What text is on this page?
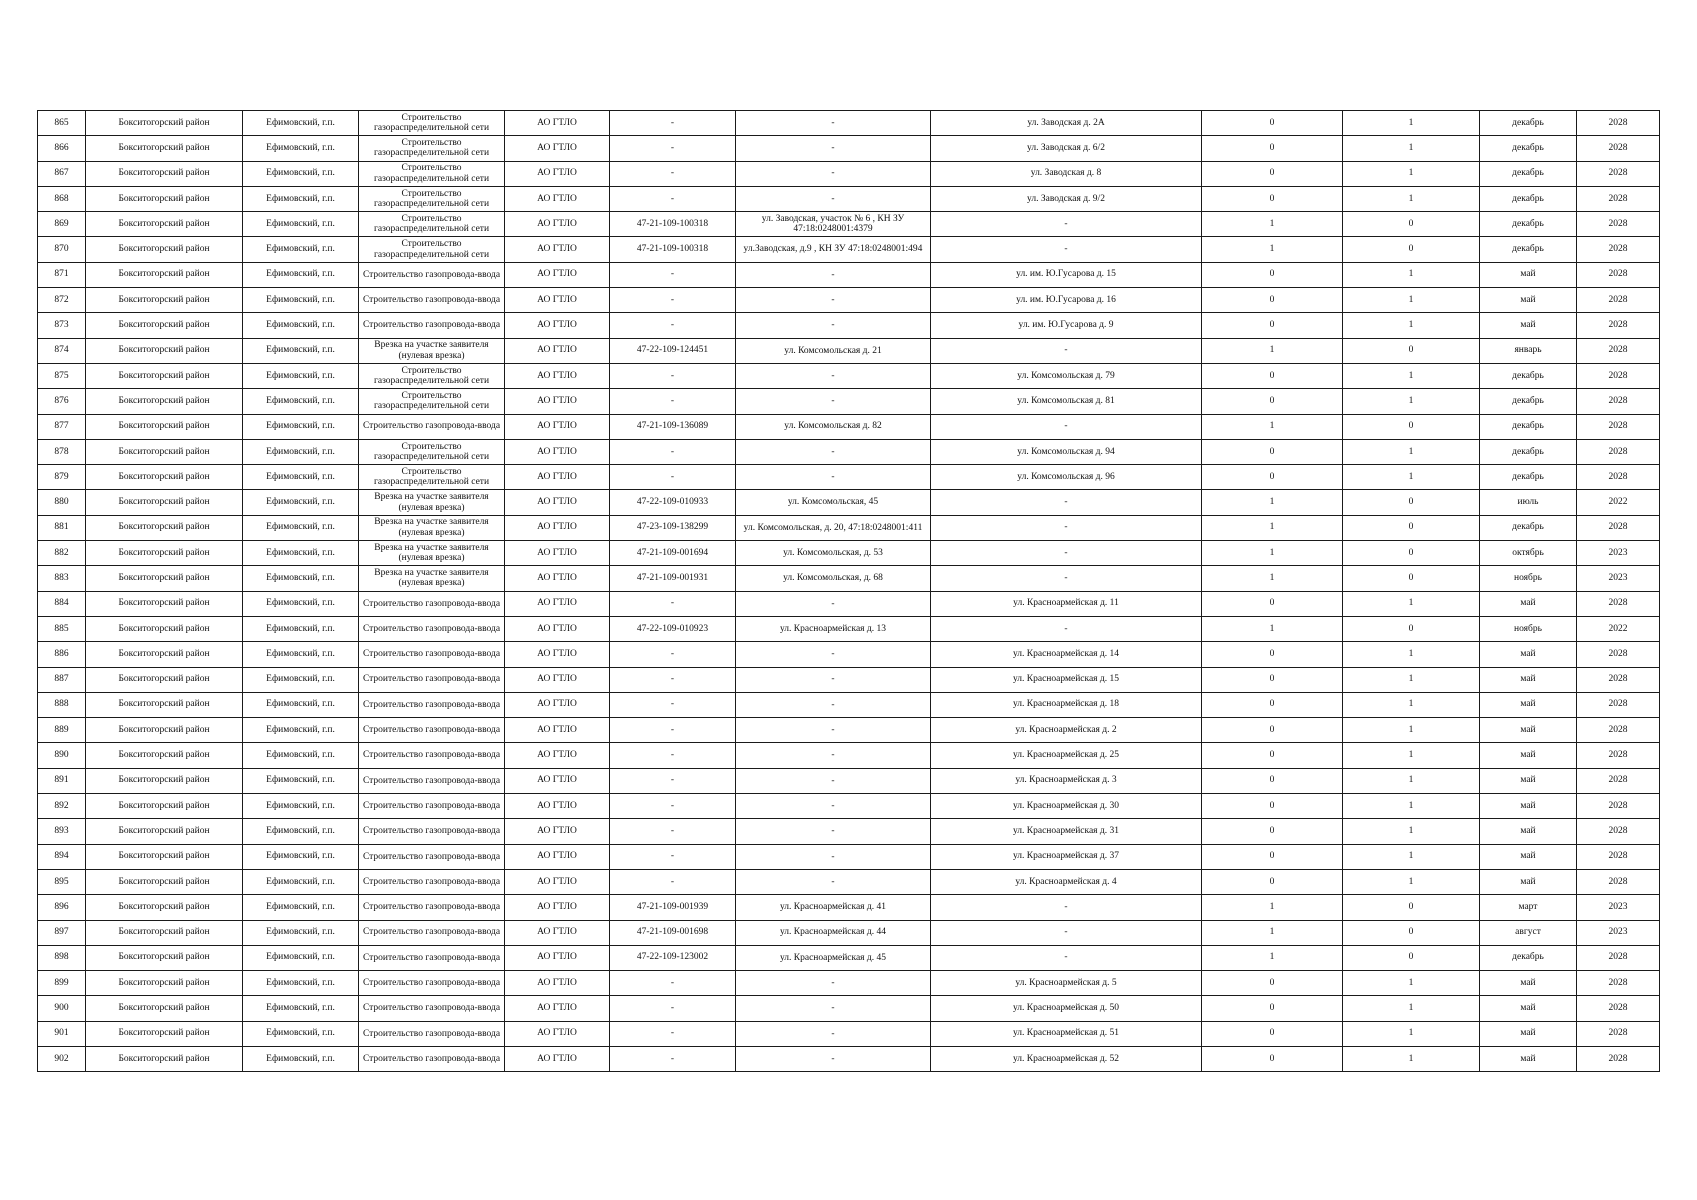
865	Бокситогорский район	Ефимовский, г.п.	Строительство газораспределительной сети	АО ГТЛО	-	-	ул. Заводская д. 2А	0	1	декабрь	2028
866	Бокситогорский район	Ефимовский, г.п.	Строительство газораспределительной сети	АО ГТЛО	-	-	ул. Заводская д. 6/2	0	1	декабрь	2028
867	Бокситогорский район	Ефимовский, г.п.	Строительство газораспределительной сети	АО ГТЛО	-	-	ул. Заводская д. 8	0	1	декабрь	2028
868	Бокситогорский район	Ефимовский, г.п.	Строительство газораспределительной сети	АО ГТЛО	-	-	ул. Заводская д. 9/2	0	1	декабрь	2028
869	Бокситогорский район	Ефимовский, г.п.	Строительство газораспределительной сети	АО ГТЛО	47-21-109-100318	ул. Заводская, участок № 6 , КН ЗУ 47:18:0248001:4379	-	1	0	декабрь	2028
870	Бокситогорский район	Ефимовский, г.п.	Строительство газораспределительной сети	АО ГТЛО	47-21-109-100318	ул.Заводская, д.9 , КН ЗУ 47:18:0248001:494	-	1	0	декабрь	2028
871	Бокситогорский район	Ефимовский, г.п.	Строительство газопровода-ввода	АО ГТЛО	-	-	ул. им. Ю.Гусарова д. 15	0	1	май	2028
872	Бокситогорский район	Ефимовский, г.п.	Строительство газопровода-ввода	АО ГТЛО	-	-	ул. им. Ю.Гусарова д. 16	0	1	май	2028
873	Бокситогорский район	Ефимовский, г.п.	Строительство газопровода-ввода	АО ГТЛО	-	-	ул. им. Ю.Гусарова д. 9	0	1	май	2028
874	Бокситогорский район	Ефимовский, г.п.	Врезка на участке заявителя (нулевая врезка)	АО ГТЛО	47-22-109-124451	ул. Комсомольская д. 21	-	1	0	январь	2028
875	Бокситогорский район	Ефимовский, г.п.	Строительство газораспределительной сети	АО ГТЛО	-	-	ул. Комсомольская д. 79	0	1	декабрь	2028
876	Бокситогорский район	Ефимовский, г.п.	Строительство газораспределительной сети	АО ГТЛО	-	-	ул. Комсомольская д. 81	0	1	декабрь	2028
877	Бокситогорский район	Ефимовский, г.п.	Строительство газопровода-ввода	АО ГТЛО	47-21-109-136089	ул. Комсомольская д. 82	-	1	0	декабрь	2028
878	Бокситогорский район	Ефимовский, г.п.	Строительство газораспределительной сети	АО ГТЛО	-	-	ул. Комсомольская д. 94	0	1	декабрь	2028
879	Бокситогорский район	Ефимовский, г.п.	Строительство газораспределительной сети	АО ГТЛО	-	-	ул. Комсомольская д. 96	0	1	декабрь	2028
880	Бокситогорский район	Ефимовский, г.п.	Врезка на участке заявителя (нулевая врезка)	АО ГТЛО	47-22-109-010933	ул. Комсомольская, 45	-	1	0	июль	2022
881	Бокситогорский район	Ефимовский, г.п.	Врезка на участке заявителя (нулевая врезка)	АО ГТЛО	47-23-109-138299	ул. Комсомольская, д. 20, 47:18:0248001:411	-	1	0	декабрь	2028
882	Бокситогорский район	Ефимовский, г.п.	Врезка на участке заявителя (нулевая врезка)	АО ГТЛО	47-21-109-001694	ул. Комсомольская, д. 53	-	1	0	октябрь	2023
883	Бокситогорский район	Ефимовский, г.п.	Врезка на участке заявителя (нулевая врезка)	АО ГТЛО	47-21-109-001931	ул. Комсомольская, д. 68	-	1	0	ноябрь	2023
884	Бокситогорский район	Ефимовский, г.п.	Строительство газопровода-ввода	АО ГТЛО	-	-	ул. Красноармейская д. 11	0	1	май	2028
885	Бокситогорский район	Ефимовский, г.п.	Строительство газопровода-ввода	АО ГТЛО	47-22-109-010923	ул. Красноармейская д. 13	-	1	0	ноябрь	2022
886	Бокситогорский район	Ефимовский, г.п.	Строительство газопровода-ввода	АО ГТЛО	-	-	ул. Красноармейская д. 14	0	1	май	2028
887	Бокситогорский район	Ефимовский, г.п.	Строительство газопровода-ввода	АО ГТЛО	-	-	ул. Красноармейская д. 15	0	1	май	2028
888	Бокситогорский район	Ефимовский, г.п.	Строительство газопровода-ввода	АО ГТЛО	-	-	ул. Красноармейская д. 18	0	1	май	2028
889	Бокситогорский район	Ефимовский, г.п.	Строительство газопровода-ввода	АО ГТЛО	-	-	ул. Красноармейская д. 2	0	1	май	2028
890	Бокситогорский район	Ефимовский, г.п.	Строительство газопровода-ввода	АО ГТЛО	-	-	ул. Красноармейская д. 25	0	1	май	2028
891	Бокситогорский район	Ефимовский, г.п.	Строительство газопровода-ввода	АО ГТЛО	-	-	ул. Красноармейская д. 3	0	1	май	2028
892	Бокситогорский район	Ефимовский, г.п.	Строительство газопровода-ввода	АО ГТЛО	-	-	ул. Красноармейская д. 30	0	1	май	2028
893	Бокситогорский район	Ефимовский, г.п.	Строительство газопровода-ввода	АО ГТЛО	-	-	ул. Красноармейская д. 31	0	1	май	2028
894	Бокситогорский район	Ефимовский, г.п.	Строительство газопровода-ввода	АО ГТЛО	-	-	ул. Красноармейская д. 37	0	1	май	2028
895	Бокситогорский район	Ефимовский, г.п.	Строительство газопровода-ввода	АО ГТЛО	-	-	ул. Красноармейская д. 4	0	1	май	2028
896	Бокситогорский район	Ефимовский, г.п.	Строительство газопровода-ввода	АО ГТЛО	47-21-109-001939	ул. Красноармейская д. 41	-	1	0	март	2023
897	Бокситогорский район	Ефимовский, г.п.	Строительство газопровода-ввода	АО ГТЛО	47-21-109-001698	ул. Красноармейская д. 44	-	1	0	август	2023
898	Бокситогорский район	Ефимовский, г.п.	Строительство газопровода-ввода	АО ГТЛО	47-22-109-123002	ул. Красноармейская д. 45	-	1	0	декабрь	2028
899	Бокситогорский район	Ефимовский, г.п.	Строительство газопровода-ввода	АО ГТЛО	-	-	ул. Красноармейская д. 5	0	1	май	2028
900	Бокситогорский район	Ефимовский, г.п.	Строительство газопровода-ввода	АО ГТЛО	-	-	ул. Красноармейская д. 50	0	1	май	2028
901	Бокситогорский район	Ефимовский, г.п.	Строительство газопровода-ввода	АО ГТЛО	-	-	ул. Красноармейская д. 51	0	1	май	2028
902	Бокситогорский район	Ефимовский, г.п.	Строительство газопровода-ввода	АО ГТЛО	-	-	ул. Красноармейская д. 52	0	1	май	2028
